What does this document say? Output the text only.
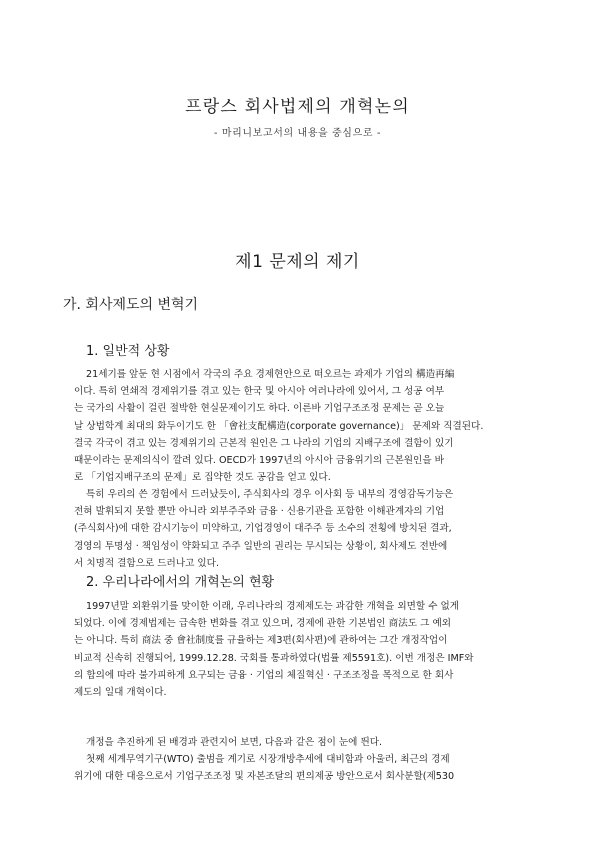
프랑스 회사법제의 개혁논의
- 마리니보고서의 내용을 중심으로 -
제1 문제의 제기
가. 회사제도의 변혁기
1. 일반적 상황
21세기를 앞둔 현 시점에서 각국의 주요 경제현안으로 떠오르는 과제가 기업의 構造再編
이다. 특히 연쇄적 경제위기를 겪고 있는 한국 및 아시아 여러나라에 있어서, 그 성공 여부
는 국가의 사활이 걸린 절박한 현실문제이기도 하다. 이른바 기업구조조정 문제는 곧 오늘
날 상법학계 최대의 화두이기도 한 「會社支配構造(corporate governance)」 문제와 직결된다.
결국 각국이 겪고 있는 경제위기의 근본적 원인은 그 나라의 기업의 지배구조에 결함이 있기
때문이라는 문제의식이 깔려 있다. OECD가 1997년의 아시아 금융위기의 근본원인을 바
로 「기업지배구조의 문제」로 집약한 것도 공감을 얻고 있다.
특히 우리의 쓴 경험에서 드러났듯이, 주식회사의 경우 이사회 등 내부의 경영감독기능은
전혀 발휘되지 못할 뿐만 아니라 외부주주와 금융 · 신용기관을 포함한 이해관계자의 기업
(주식회사)에 대한 감시기능이 미약하고, 기업경영이 대주주 등 소수의 전횡에 방치된 결과,
경영의 투명성 · 책임성이 약화되고 주주 일반의 권리는 무시되는 상황이, 회사제도 전반에
서 치명적 결함으로 드러나고 있다.
2. 우리나라에서의 개혁논의 현황
1997년말 외환위기를 맞이한 이래, 우리나라의 경제제도는 과감한 개혁을 외면할 수 없게
되었다. 이에 경제법제는 급속한 변화를 겪고 있으며, 경제에 관한 기본법인 商法도 그 예외
는 아니다. 특히 商法 중 會社制度를 규율하는 제3편(회사편)에 관하여는 그간 개정작업이
비교적 신속히 진행되어, 1999.12.28. 국회를 통과하였다(법률 제5591호). 이번 개정은 IMF와
의 합의에 따라 불가피하게 요구되는 금융 · 기업의 체질혁신 · 구조조정을 목적으로 한 회사
제도의 일대 개혁이다.
개정을 추진하게 된 배경과 관련지어 보면, 다음과 같은 점이 눈에 띈다.
첫째 세계무역기구(WTO) 출범을 계기로 시장개방추세에 대비함과 아울러, 최근의 경제
위기에 대한 대응으로서 기업구조조정 및 자본조달의 편의제공 방안으로서 회사분할(제530
